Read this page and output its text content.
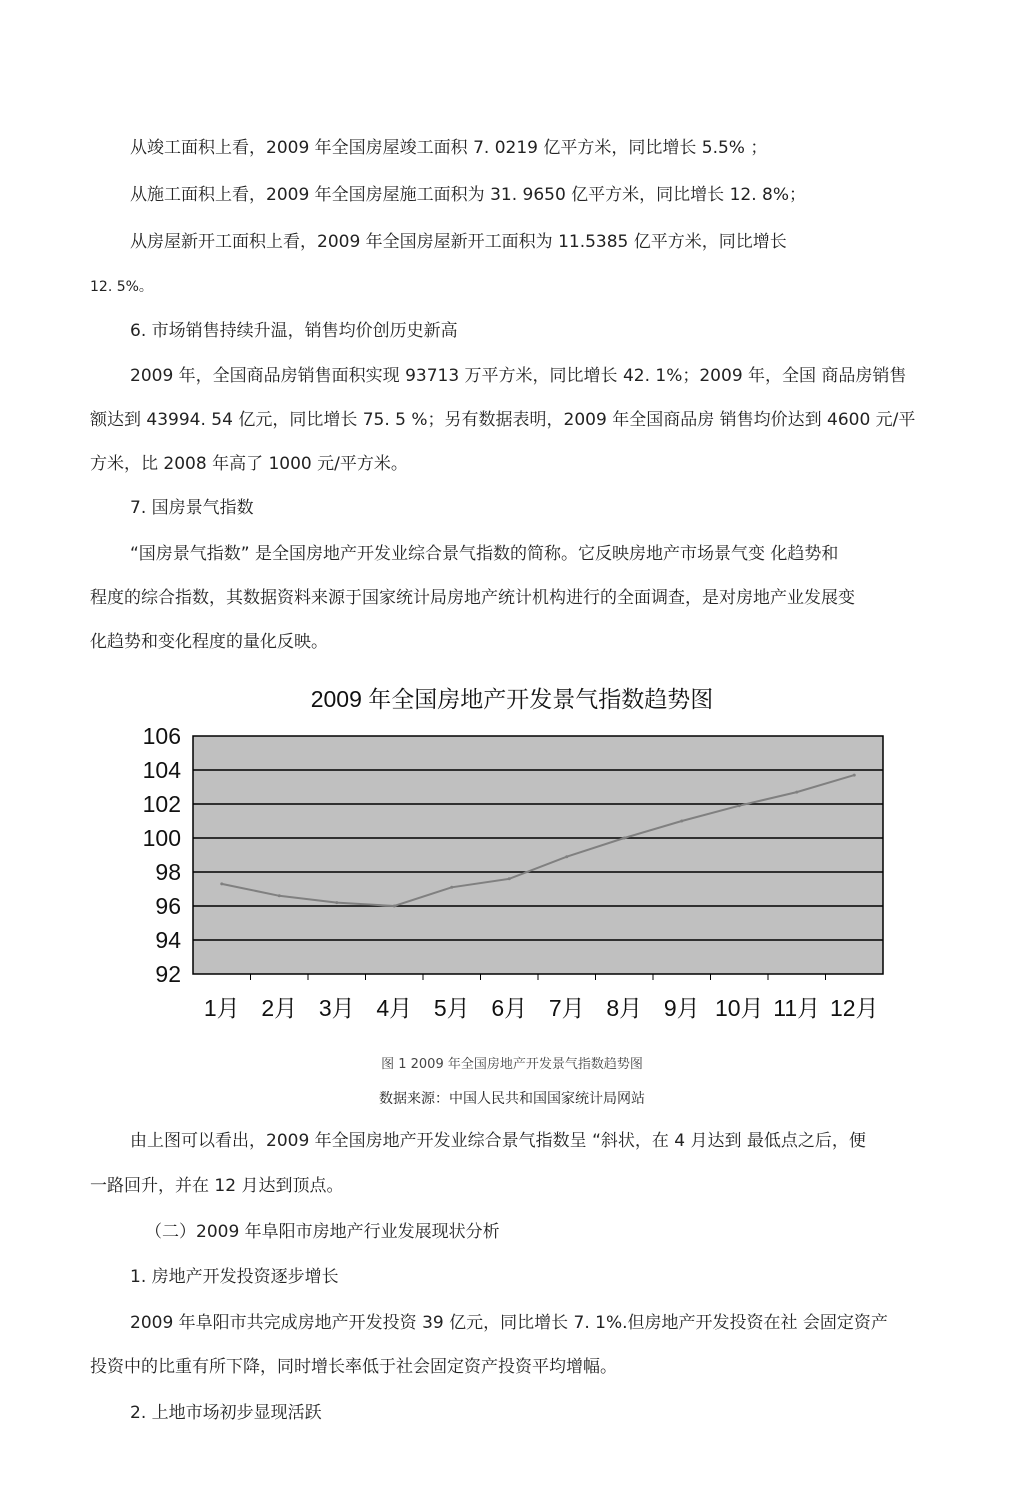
从竣工面积上看，2009 年全国房屋竣工面积 7. 0219 亿平方米，同比增长 5.5% ；
从施工面积上看，2009 年全国房屋施工面积为 31. 9650 亿平方米，同比增长 12. 8%；
从房屋新开工面积上看，2009 年全国房屋新开工面积为 11.5385 亿平方米，同比增长
12. 5%。
6. 市场销售持续升温，销售均价创历史新高
2009 年，全国商品房销售面积实现 93713 万平方米，同比增长 42. 1%；2009 年，全国 商品房销售
额达到 43994. 54 亿元，同比增长 75. 5 %；另有数据表明，2009 年全国商品房 销售均价达到 4600 元/平
方米，比 2008 年高了 1000 元/平方米。
7. 国房景气指数
“国房景气指数” 是全国房地产开发业综合景气指数的简称。它反映房地产市场景气变 化趋势和
程度的综合指数，其数据资料来源于国家统计局房地产统计机构进行的全面调查，是对房地产业发展变
化趋势和变化程度的量化反映。
2009 年全国房地产开发景气指数趋势图
106
104
102
100
98
96
94
92
1月 2月 3月 4月 5月 6月 7月 8月 9月 10月 11月 12月
图 1 2009 年全国房地产开发景气指数趋势图
数据来源：中国人民共和国国家统计局网站
由上图可以看出，2009 年全国房地产开发业综合景气指数呈 “斜状，在 4 月达到 最低点之后，便
一路回升，并在 12 月达到顶点。
（二）2009 年阜阳市房地产行业发展现状分析
1. 房地产开发投资逐步增长
2009 年阜阳市共完成房地产开发投资 39 亿元，同比增长 7. 1%.但房地产开发投资在社 会固定资产
投资中的比重有所下降，同时增长率低于社会固定资产投资平均增幅。
2. 上地市场初步显现活跃
